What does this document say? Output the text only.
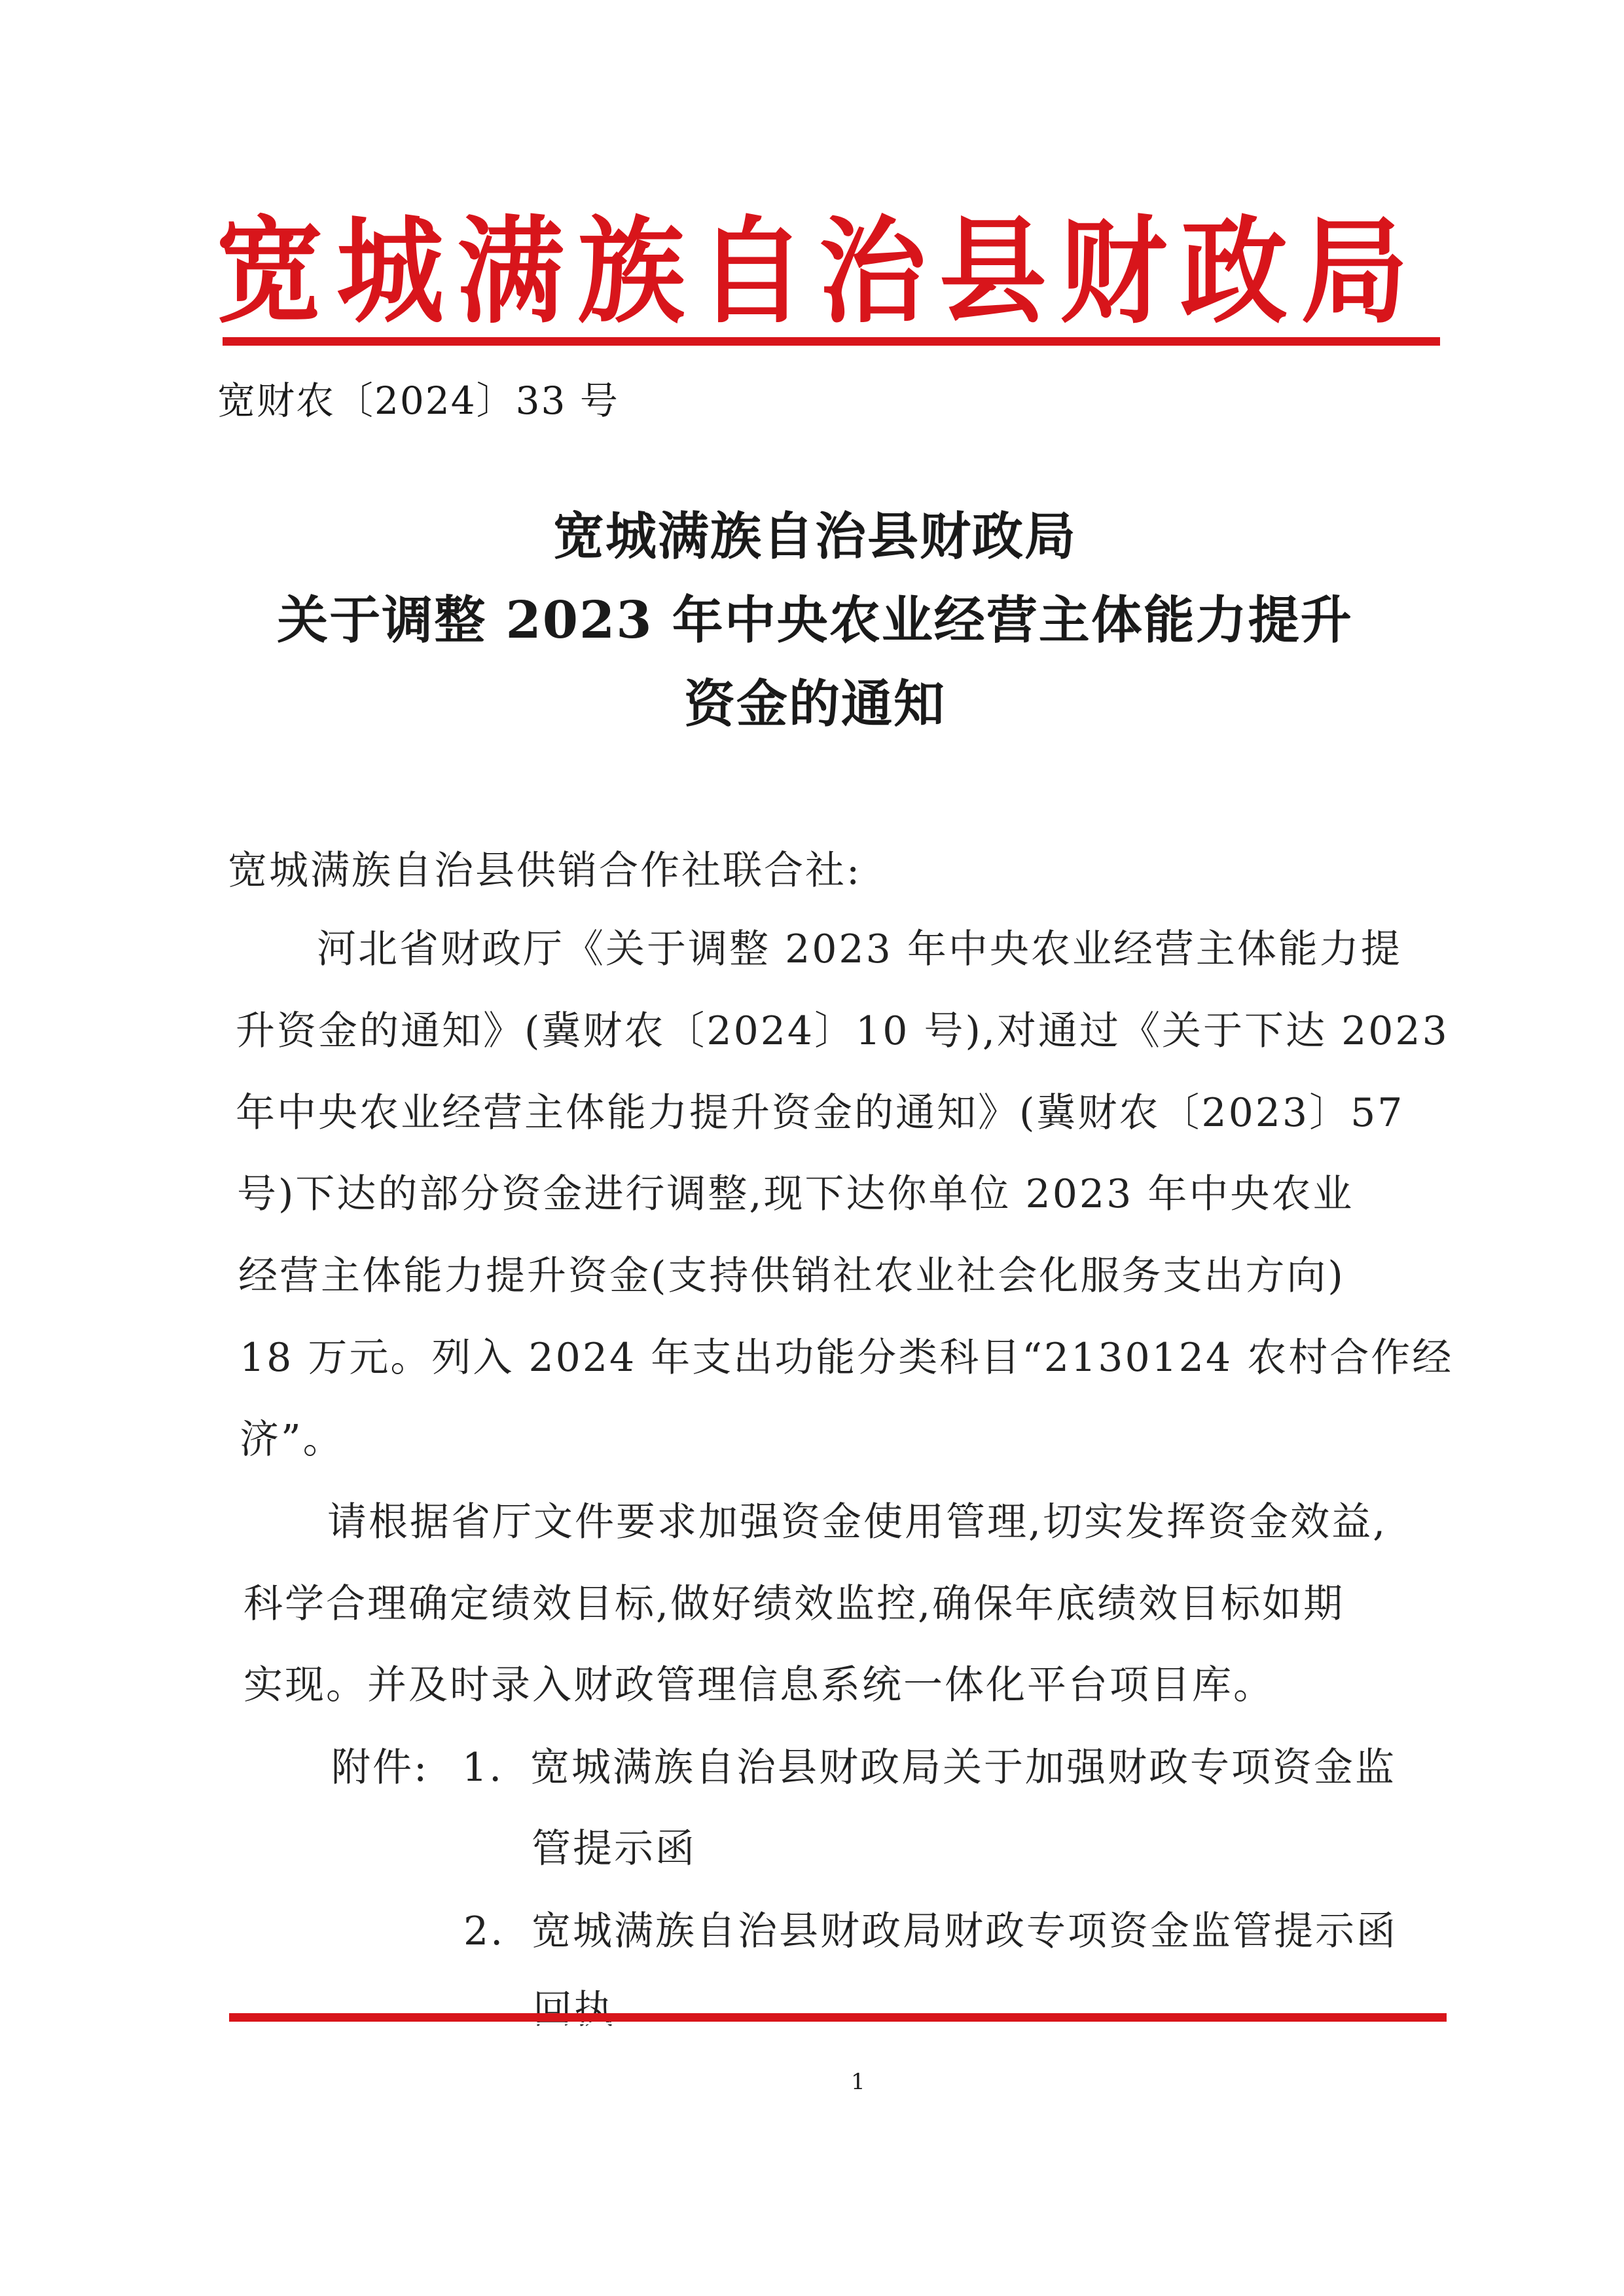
宽城满族自治县财政局
宽财农〔2024〕33 号
宽城满族自治县财政局
关于调整 2023 年中央农业经营主体能力提升
资金的通知
宽城满族自治县供销合作社联合社:
河北省财政厅《关于调整 2023 年中央农业经营主体能力提
升资金的通知》(冀财农〔2024〕10 号),对通过《关于下达 2023
年中央农业经营主体能力提升资金的通知》(冀财农〔2023〕57
号)下达的部分资金进行调整,现下达你单位 2023 年中央农业
经营主体能力提升资金(支持供销社农业社会化服务支出方向)
18 万元。列入 2024 年支出功能分类科目“2130124 农村合作经
济”。
请根据省厅文件要求加强资金使用管理,切实发挥资金效益,
科学合理确定绩效目标,做好绩效监控,确保年底绩效目标如期
实现。并及时录入财政管理信息系统一体化平台项目库。
附件: 1. 宽城满族自治县财政局关于加强财政专项资金监
管提示函
2. 宽城满族自治县财政局财政专项资金监管提示函
回执
1
